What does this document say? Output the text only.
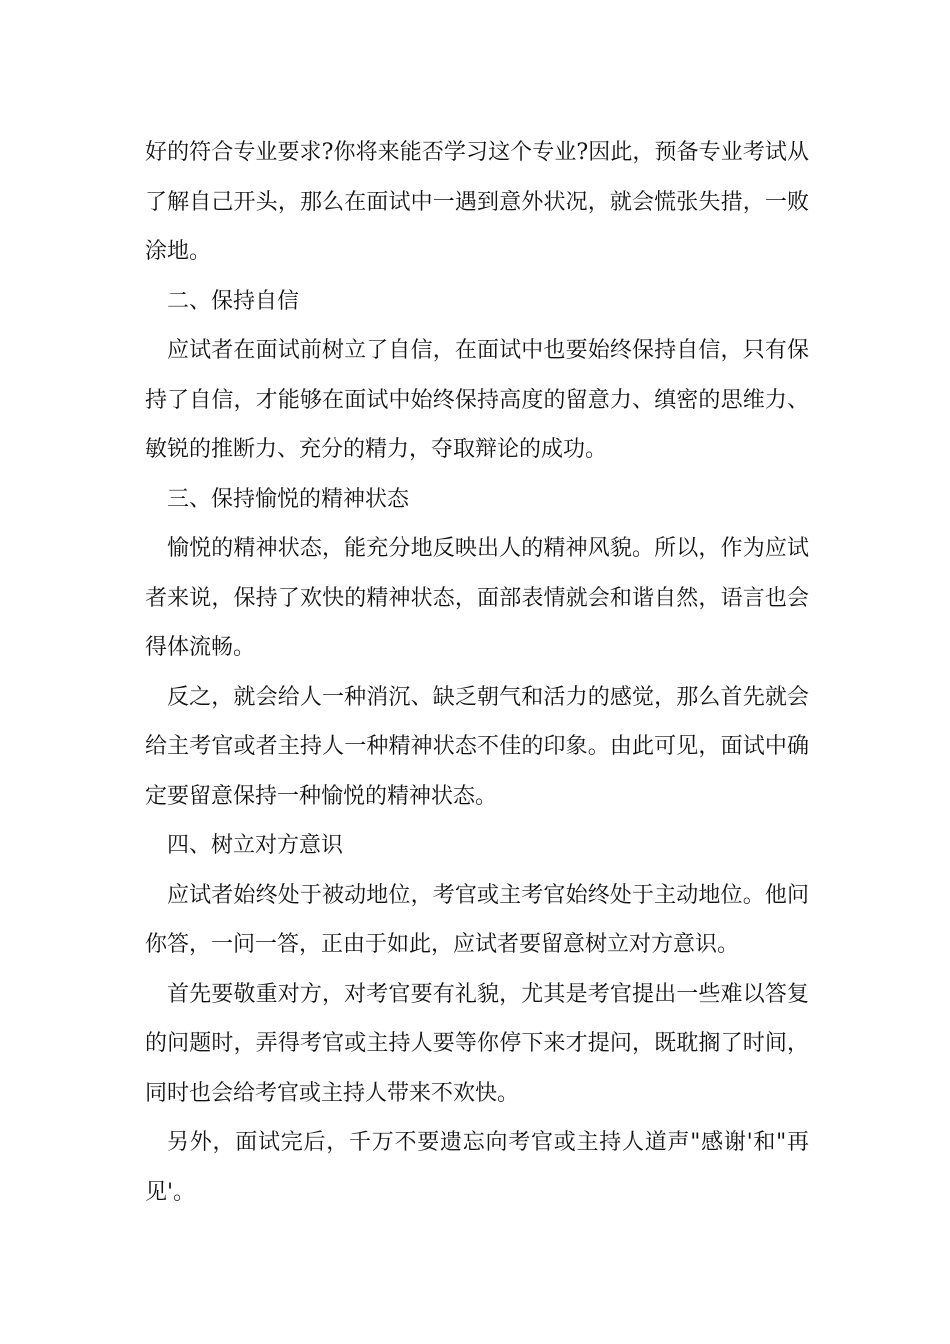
好的符合专业要求?你将来能否学习这个专业?因此，预备专业考试从了解自己开头，那么在面试中一遇到意外状况，就会慌张失措，一败涂地。

二、保持自信

应试者在面试前树立了自信，在面试中也要始终保持自信，只有保持了自信，才能够在面试中始终保持高度的留意力、缜密的思维力、敏锐的推断力、充分的精力，夺取辩论的成功。

三、保持愉悦的精神状态

愉悦的精神状态，能充分地反映出人的精神风貌。所以，作为应试者来说，保持了欢快的精神状态，面部表情就会和谐自然，语言也会得体流畅。

反之，就会给人一种消沉、缺乏朝气和活力的感觉，那么首先就会给主考官或者主持人一种精神状态不佳的印象。由此可见，面试中确定要留意保持一种愉悦的精神状态。

四、树立对方意识

应试者始终处于被动地位，考官或主考官始终处于主动地位。他问你答，一问一答，正由于如此，应试者要留意树立对方意识。

首先要敬重对方，对考官要有礼貌，尤其是考官提出一些难以答复的问题时，弄得考官或主持人要等你停下来才提问，既耽搁了时间，同时也会给考官或主持人带来不欢快。

另外，面试完后，千万不要遗忘向考官或主持人道声"感谢'和"再见'。
